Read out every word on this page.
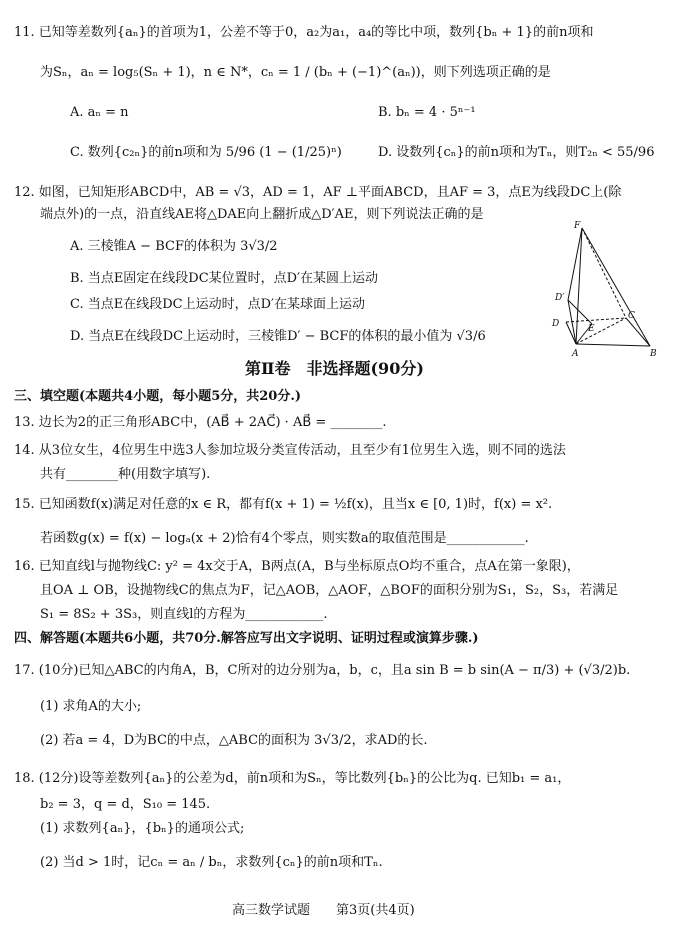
11. 已知等差数列{aₙ}的首项为1，公差不等于0，a₂为a₁，a₄的等比中项，数列{bₙ + 1}的前n项和
为Sₙ，aₙ = log₅(Sₙ + 1)，n ∈ N*，cₙ = 1 / (bₙ + (−1)^(aₙ))，则下列选项正确的是
A. aₙ = n	B. bₙ = 4 · 5ⁿ⁻¹
C. 数列{c₂ₙ}的前n项和为 5/96 (1 − (1/25)ⁿ)	D. 设数列{cₙ}的前n项和为Tₙ，则T₂ₙ < 55/96
12. 如图，已知矩形ABCD中，AB = √3，AD = 1，AF ⊥平面ABCD，且AF = 3，点E为线段DC上(除
端点外)的一点，沿直线AE将△DAE向上翻折成△D′AE，则下列说法正确的是
A. 三棱锥A − BCF的体积为 3√3/2
B. 当点E固定在线段DC某位置时，点D′在某圆上运动
C. 当点E在线段DC上运动时，点D′在某球面上运动
D. 当点E在线段DC上运动时，三棱锥D′ − BCF的体积的最小值为 √3/6
F
D′
D	E
C
A	B
第Ⅱ卷　非选择题(90分)
三、填空题(本题共4小题，每小题5分，共20分.)
13. 边长为2的正三角形ABC中，(AB⃗ + 2AC⃗) · AB⃗ = ________.
14. 从3位女生，4位男生中选3人参加垃圾分类宣传活动，且至少有1位男生入选，则不同的选法
共有________种(用数字填写).
15. 已知函数f(x)满足对任意的x ∈ R，都有f(x + 1) = ½f(x)，且当x ∈ [0, 1)时，f(x) = x².
若函数g(x) = f(x) − logₐ(x + 2)恰有4个零点，则实数a的取值范围是____________.
16. 已知直线l与抛物线C: y² = 4x交于A，B两点(A，B与坐标原点O均不重合，点A在第一象限)，
且OA ⊥ OB，设抛物线C的焦点为F，记△AOB，△AOF，△BOF的面积分别为S₁，S₂，S₃，若满足
S₁ = 8S₂ + 3S₃，则直线l的方程为____________.
四、解答题(本题共6小题，共70分.解答应写出文字说明、证明过程或演算步骤.)
17. (10分)已知△ABC的内角A，B，C所对的边分别为a，b，c，且a sin B = b sin(A − π/3) + (√3/2)b.
(1) 求角A的大小;
(2) 若a = 4，D为BC的中点，△ABC的面积为 3√3/2，求AD的长.
18. (12分)设等差数列{aₙ}的公差为d，前n项和为Sₙ，等比数列{bₙ}的公比为q. 已知b₁ = a₁，
b₂ = 3，q = d，S₁₀ = 145.
(1) 求数列{aₙ}，{bₙ}的通项公式;
(2) 当d > 1时，记cₙ = aₙ / bₙ，求数列{cₙ}的前n项和Tₙ.
高三数学试题　　第3页(共4页)
